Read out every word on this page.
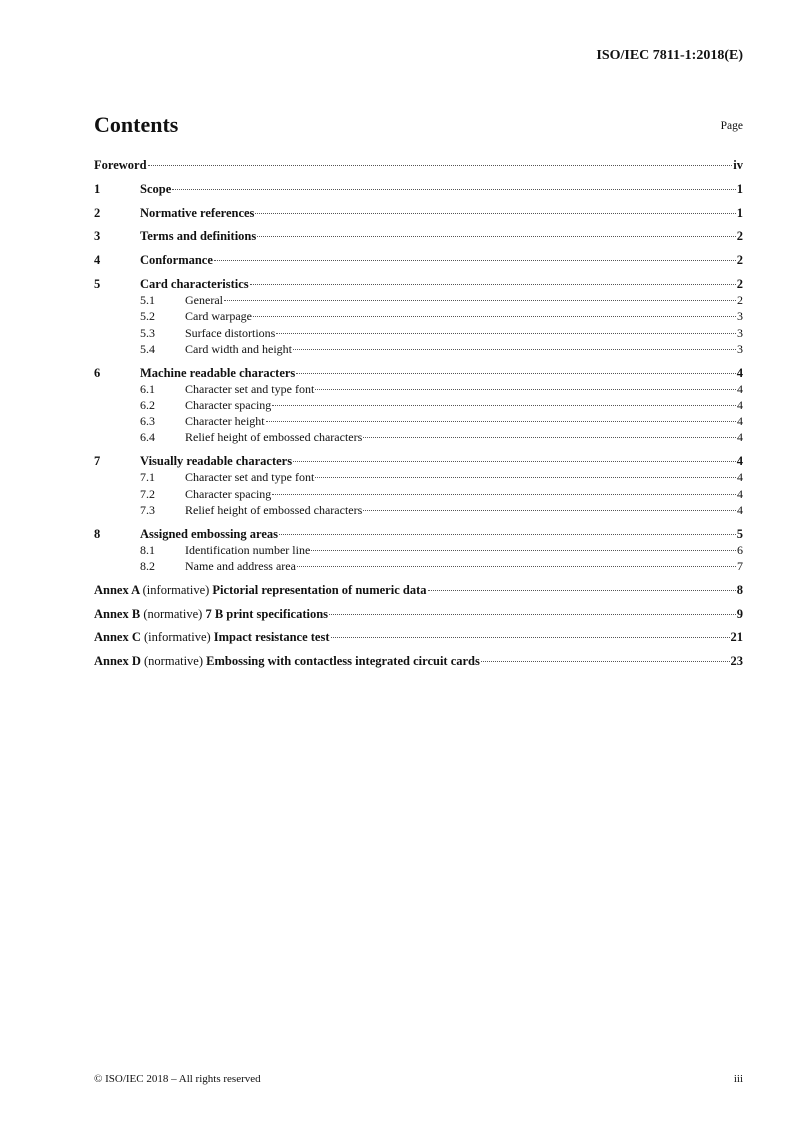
ISO/IEC 7811-1:2018(E)
Contents	Page
Foreword	iv
1	Scope	1
2	Normative references	1
3	Terms and definitions	2
4	Conformance	2
5	Card characteristics	2
5.1	General	2
5.2	Card warpage	3
5.3	Surface distortions	3
5.4	Card width and height	3
6	Machine readable characters	4
6.1	Character set and type font	4
6.2	Character spacing	4
6.3	Character height	4
6.4	Relief height of embossed characters	4
7	Visually readable characters	4
7.1	Character set and type font	4
7.2	Character spacing	4
7.3	Relief height of embossed characters	4
8	Assigned embossing areas	5
8.1	Identification number line	6
8.2	Name and address area	7
Annex A (informative) Pictorial representation of numeric data	8
Annex B (normative) 7 B print specifications	9
Annex C (informative) Impact resistance test	21
Annex D (normative) Embossing with contactless integrated circuit cards	23
© ISO/IEC 2018 – All rights reserved	iii
